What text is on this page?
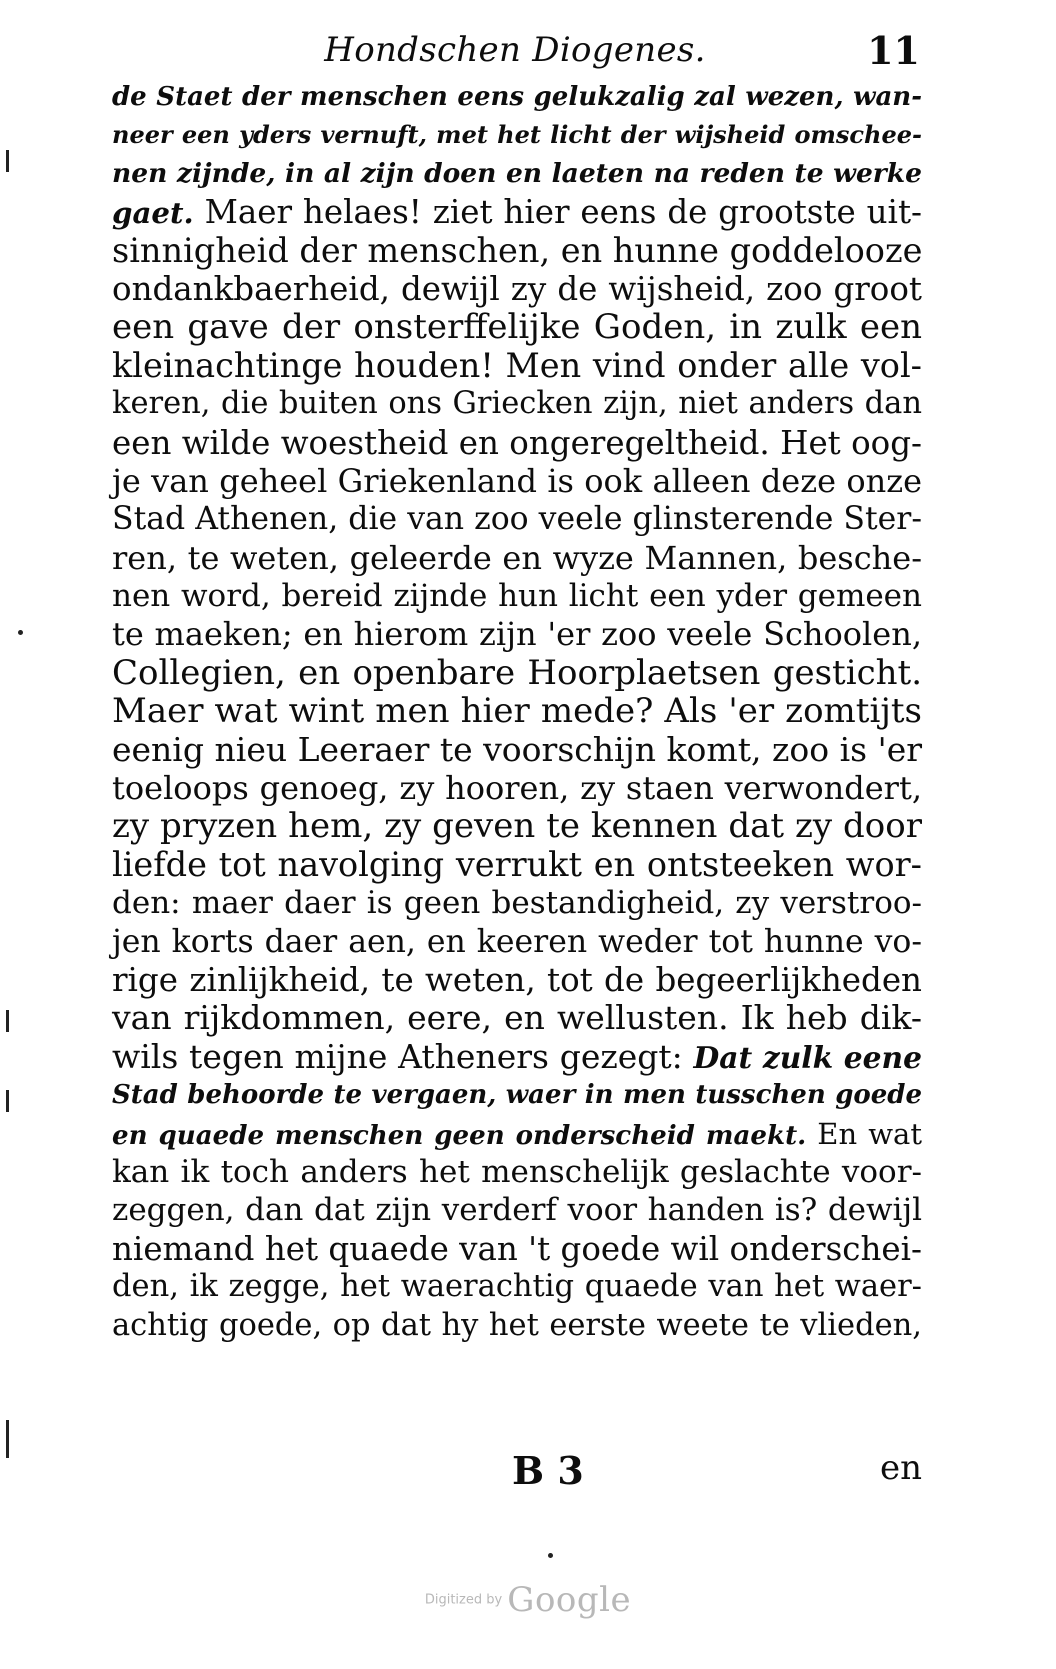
Hondschen Diogenes.	11
de Staet der menschen eens gelukzalig zal wezen, wan-
neer een yders vernuft, met het licht der wijsheid omschee-
nen zijnde, in al zijn doen en laeten na reden te werke
gaet. Maer helaes! ziet hier eens de grootste uit-
sinnigheid der menschen, en hunne goddelooze
ondankbaerheid, dewijl zy de wijsheid, zoo groot
een gave der onsterffelijke Goden, in zulk een
kleinachtinge houden! Men vind onder alle vol-
keren, die buiten ons Griecken zijn, niet anders dan
een wilde woestheid en ongeregeltheid. Het oog-
je van geheel Griekenland is ook alleen deze onze
Stad Athenen, die van zoo veele glinsterende Ster-
ren, te weten, geleerde en wyze Mannen, besche-
nen word, bereid zijnde hun licht een yder gemeen
te maeken; en hierom zijn 'er zoo veele Schoolen,
Collegien, en openbare Hoorplaetsen gesticht.
Maer wat wint men hier mede? Als 'er zomtijts
eenig nieu Leeraer te voorschijn komt, zoo is 'er
toeloops genoeg, zy hooren, zy staen verwondert,
zy pryzen hem, zy geven te kennen dat zy door
liefde tot navolging verrukt en ontsteeken wor-
den: maer daer is geen bestandigheid, zy verstroo-
jen korts daer aen, en keeren weder tot hunne vo-
rige zinlijkheid, te weten, tot de begeerlijkheden
van rijkdommen, eere, en wellusten. Ik heb dik-
wils tegen mijne Atheners gezegt: Dat zulk eene
Stad behoorde te vergaen, waer in men tusschen goede
en quaede menschen geen onderscheid maekt. En wat
kan ik toch anders het menschelijk geslachte voor-
zeggen, dan dat zijn verderf voor handen is? dewijl
niemand het quaede van 't goede wil onderschei-
den, ik zegge, het waerachtig quaede van het waer-
achtig goede, op dat hy het eerste weete te vlieden,
B 3	en
Digitized by Google
